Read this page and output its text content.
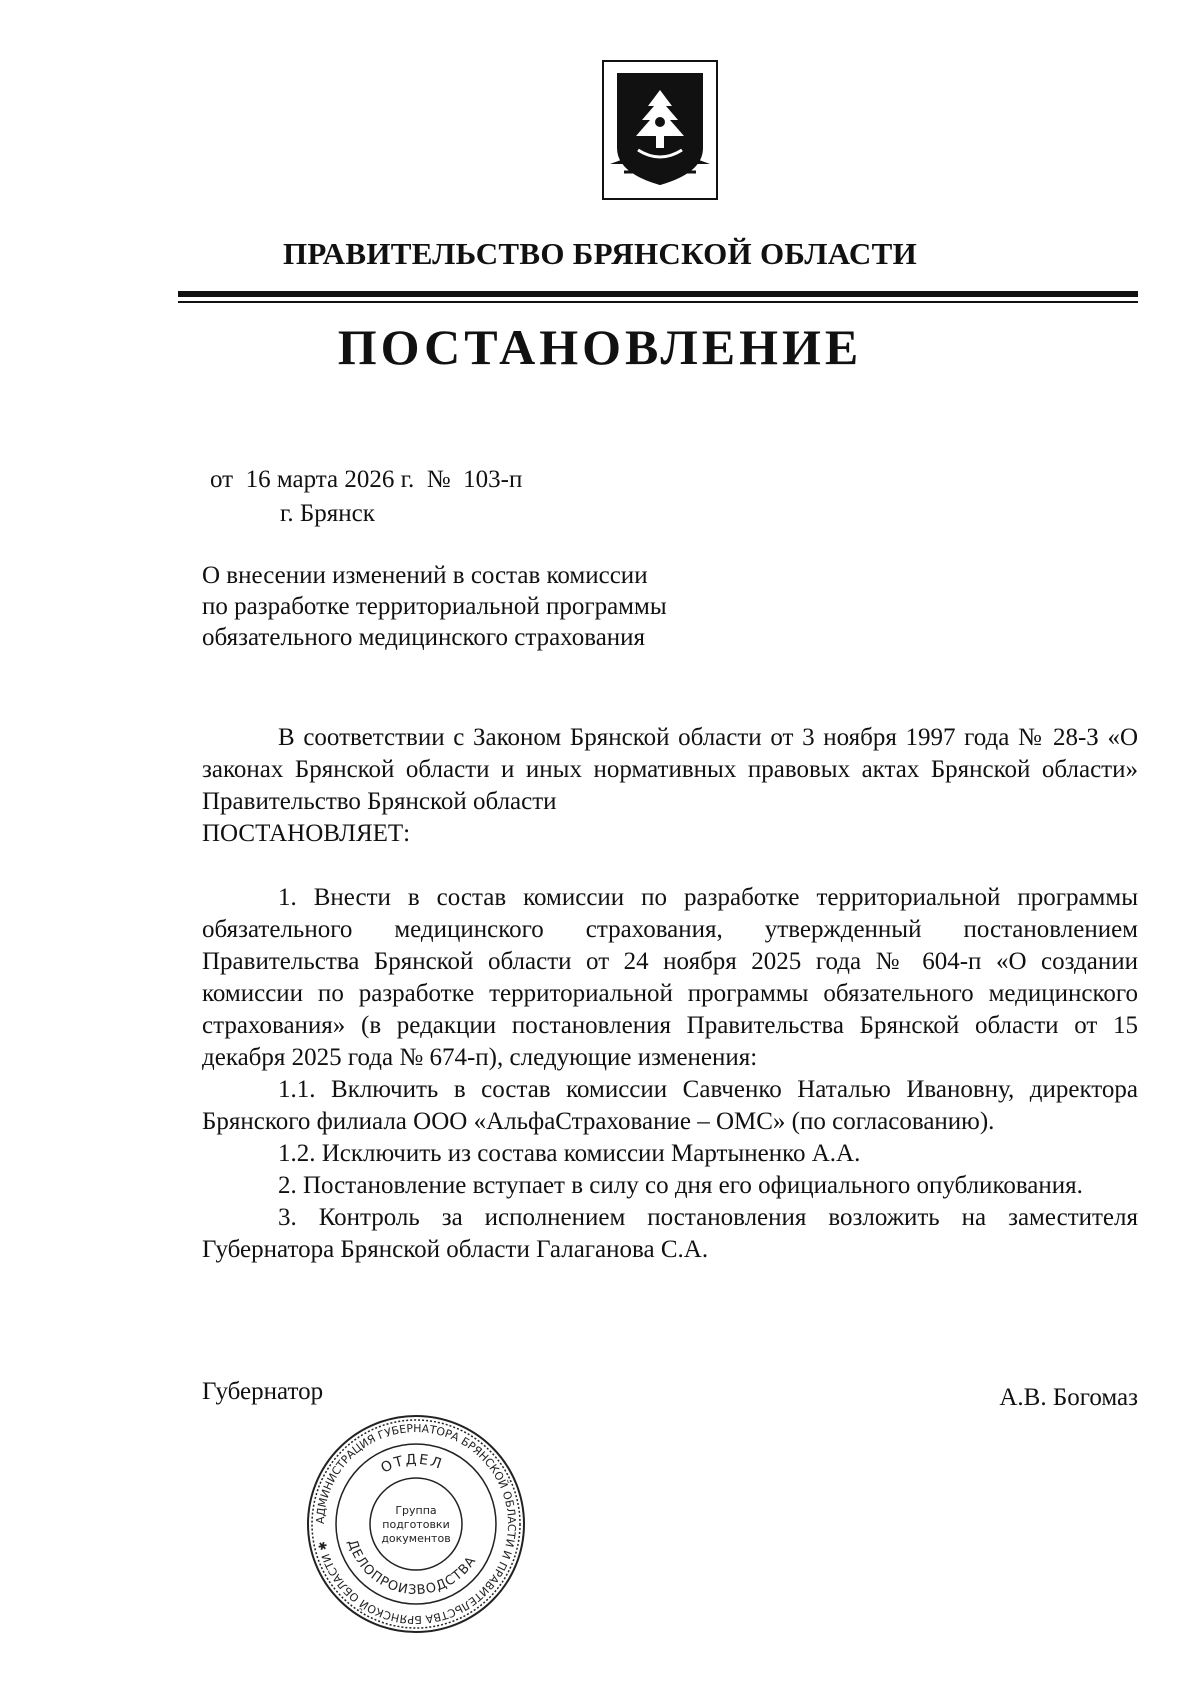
ПРАВИТЕЛЬСТВО БРЯНСКОЙ ОБЛАСТИ
ПОСТАНОВЛЕНИЕ
от  16 марта 2026 г.  №  103-п
г. Брянск
О внесении изменений в состав комиссии
по разработке территориальной программы
обязательного медицинского страхования

В соответствии с Законом Брянской области от 3 ноября 1997 года № 28-З «О законах Брянской области и иных нормативных правовых актах Брянской области» Правительство Брянской области

ПОСТАНОВЛЯЕТ:

1. Внести в состав комиссии по разработке территориальной программы обязательного медицинского страхования, утвержденный постановлением Правительства Брянской области от 24 ноября 2025 года № 604-п «О создании комиссии по разработке территориальной программы обязательного медицинского страхования» (в редакции постановления Правительства Брянской области от 15 декабря 2025 года № 674-п), следующие изменения:

1.1. Включить в состав комиссии Савченко Наталью Ивановну, директора Брянского филиала ООО «АльфаСтрахование – ОМС» (по согласованию).

1.2. Исключить из состава комиссии Мартыненко А.А.

2. Постановление вступает в силу со дня его официального опубликования.

3. Контроль за исполнением постановления возложить на заместителя Губернатора Брянской области Галаганова С.А.

Губернатор	А.В. Богомаз
АДМИНИСТРАЦИЯ ГУБЕРНАТОРА БРЯНСКОЙ ОБЛАСТИ И ПРАВИТЕЛЬСТВА БРЯНСКОЙ ОБЛАСТИ ✱
ОТДЕЛ
ДЕЛОПРОИЗВОДСТВА
Группа
подготовки
документов
